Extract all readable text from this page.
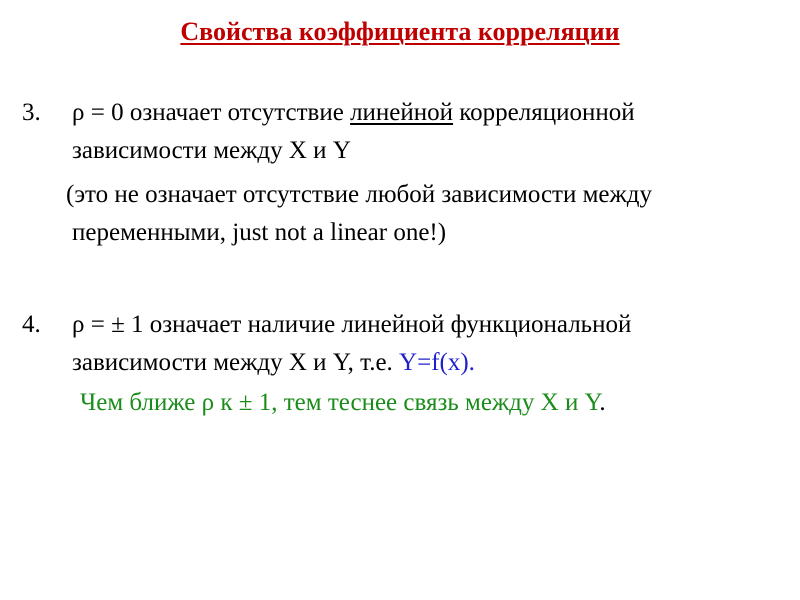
Свойства коэффициента корреляции
3. ρ = 0 означает отсутствие линейной корреляционной
зависимости между X и Y
(это не означает отсутствие любой зависимости между
переменными, just not a linear one!)
4. ρ = ± 1 означает наличие линейной функциональной
зависимости между X и Y, т.е. Y=f(x).
Чем ближе ρ к ± 1, тем теснее связь между X и Y.
